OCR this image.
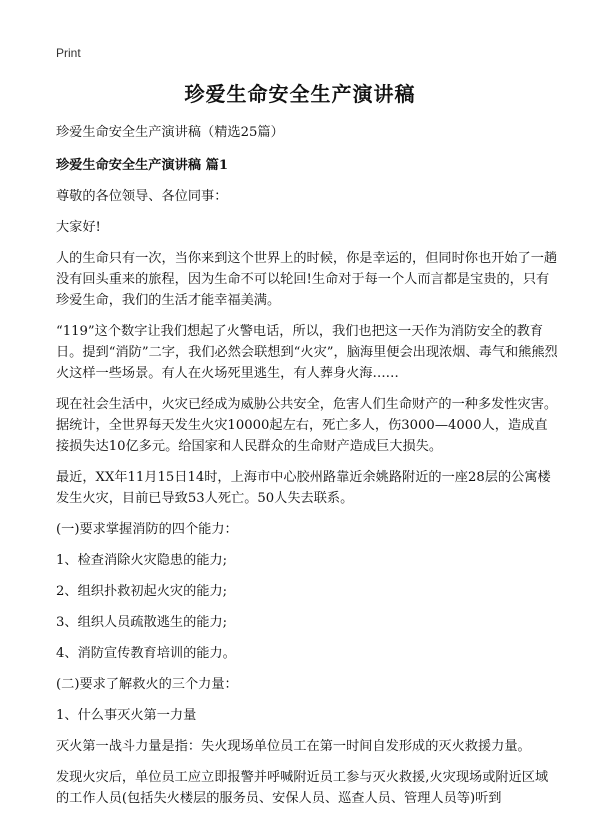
Print
珍爱生命安全生产演讲稿

珍爱生命安全生产演讲稿（精选25篇）

珍爱生命安全生产演讲稿 篇1

尊敬的各位领导、各位同事：

大家好!

人的生命只有一次，当你来到这个世界上的时候，你是幸运的，但同时你也开始了一趟没有回头重来的旅程，因为生命不可以轮回!生命对于每一个人而言都是宝贵的，只有珍爱生命，我们的生活才能幸福美满。

“119”这个数字让我们想起了火警电话，所以，我们也把这一天作为消防安全的教育日。提到“消防”二字，我们必然会联想到“火灾”，脑海里便会出现浓烟、毒气和熊熊烈火这样一些场景。有人在火场死里逃生，有人葬身火海……

现在社会生活中，火灾已经成为威胁公共安全，危害人们生命财产的一种多发性灾害。据统计，全世界每天发生火灾10000起左右，死亡多人，伤3000—4000人，造成直接损失达10亿多元。给国家和人民群众的生命财产造成巨大损失。

最近，XX年11月15日14时，上海市中心胶州路靠近余姚路附近的一座28层的公寓楼发生火灾，目前已导致53人死亡。50人失去联系。

(一)要求掌握消防的四个能力：

1、检查消除火灾隐患的能力;

2、组织扑救初起火灾的能力;

3、组织人员疏散逃生的能力;

4、消防宣传教育培训的能力。

(二)要求了解救火的三个力量：

1、什么事灭火第一力量

灭火第一战斗力量是指：失火现场单位员工在第一时间自发形成的灭火救援力量。

发现火灾后，单位员工应立即报警并呼喊附近员工参与灭火救援,火灾现场或附近区域的工作人员(包括失火楼层的服务员、安保人员、巡查人员、管理人员等)听到
